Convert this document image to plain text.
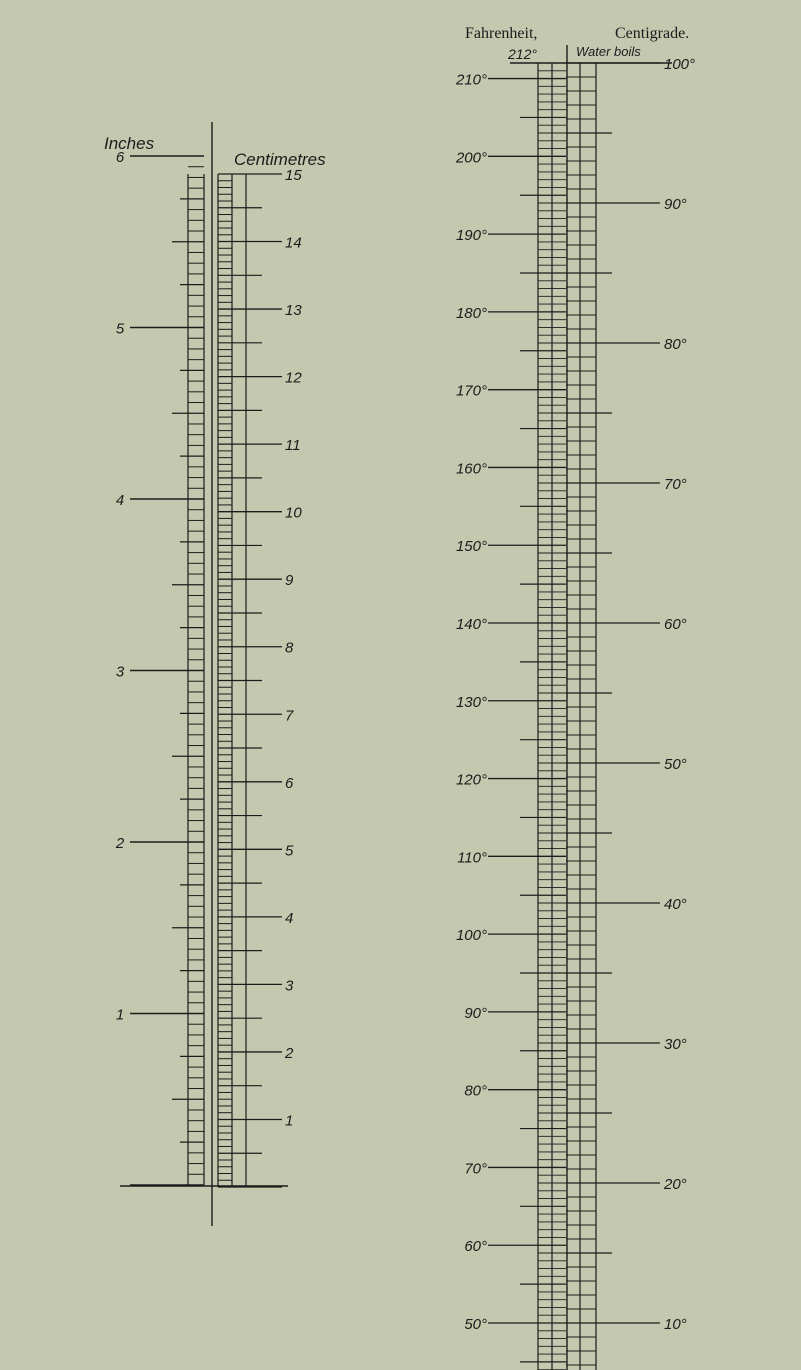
Inches
Centimetres
6
5
4
3
2
1
15
14
13
12
11
10
9
8
7
6
5
4
3
2
1
210°
200°
190°
180°
170°
160°
150°
140°
130°
120°
110°
100°
90°
80°
70°
60°
50°
212°
100°
90°
80°
70°
60°
50°
40°
30°
20°
10°
Water boils
Fahrenheit,	Centigrade.
